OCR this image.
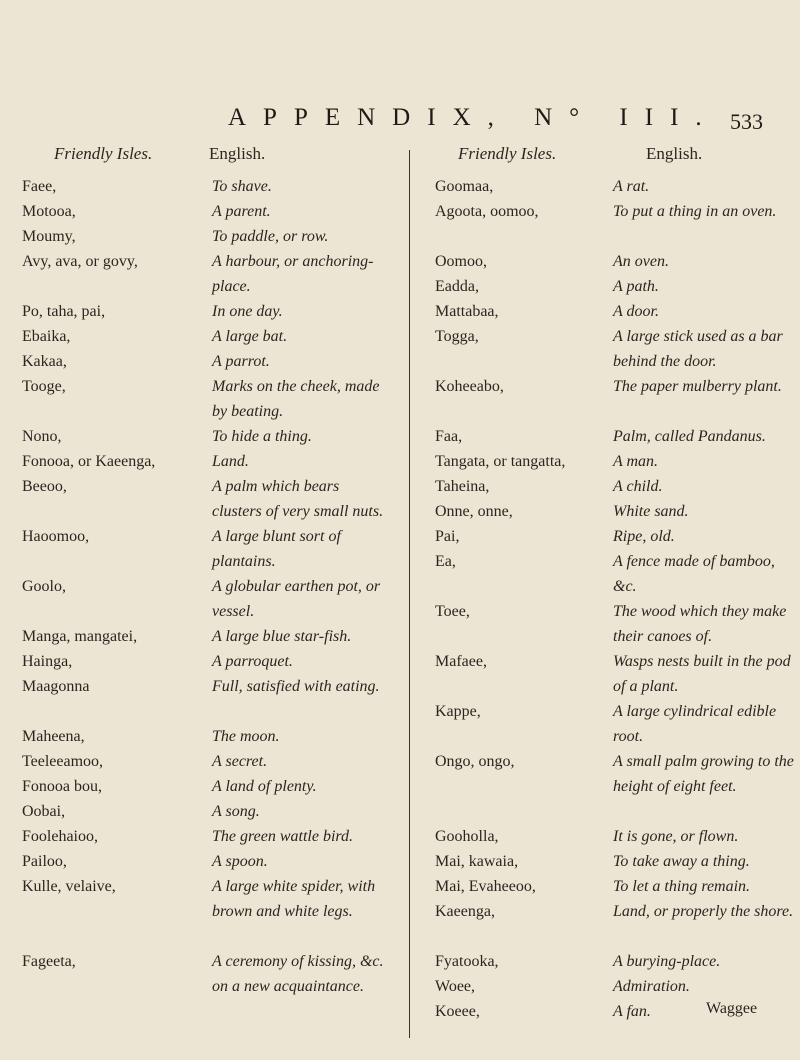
APPENDIX, N° III. 533
Friendly Isles.	English.	Friendly Isles.	English.
Faee,	To shave.
Motooa,	A parent.
Moumy,	To paddle, or row.
Avy, ava, or govy,	A harbour, or anchoring-place.
Po, taha, pai,	In one day.
Ebaika,	A large bat.
Kakaa,	A parrot.
Tooge,	Marks on the cheek, made by beating.
Nono,	To hide a thing.
Fonooa, or Kaeenga,	Land.
Beeoo,	A palm which bears clusters of very small nuts.
Haoomoo,	A large blunt sort of plantains.
Goolo,	A globular earthen pot, or vessel.
Manga, mangatei,	A large blue star-fish.
Hainga,	A parroquet.
Maagonna	Full, satisfied with eating.
Maheena,	The moon.
Teeleeamoo,	A secret.
Fonooa bou,	A land of plenty.
Oobai,	A song.
Foolehaioo,	The green wattle bird.
Pailoo,	A spoon.
Kulle, velaive,	A large white spider, with brown and white legs.
Fageeta,	A ceremony of kissing, &c. on a new acquaintance.
Goomaa,	A rat.
Agoota, oomoo,	To put a thing in an oven.
Oomoo,	An oven.
Eadda,	A path.
Mattabaa,	A door.
Togga,	A large stick used as a bar behind the door.
Koheeabo,	The paper mulberry plant.
Faa,	Palm, called Pandanus.
Tangata, or tangatta,	A man.
Taheina,	A child.
Onne, onne,	White sand.
Pai,	Ripe, old.
Ea,	A fence made of bamboo, &c.
Toee,	The wood which they make their canoes of.
Mafaee,	Wasps nests built in the pod of a plant.
Kappe,	A large cylindrical edible root.
Ongo, ongo,	A small palm growing to the height of eight feet.
Gooholla,	It is gone, or flown.
Mai, kawaia,	To take away a thing.
Mai, Evaheeoo,	To let a thing remain.
Kaeenga,	Land, or properly the shore.
Fyatooka,	A burying-place.
Woee,	Admiration.
Koeee,	A fan.	Waggee
